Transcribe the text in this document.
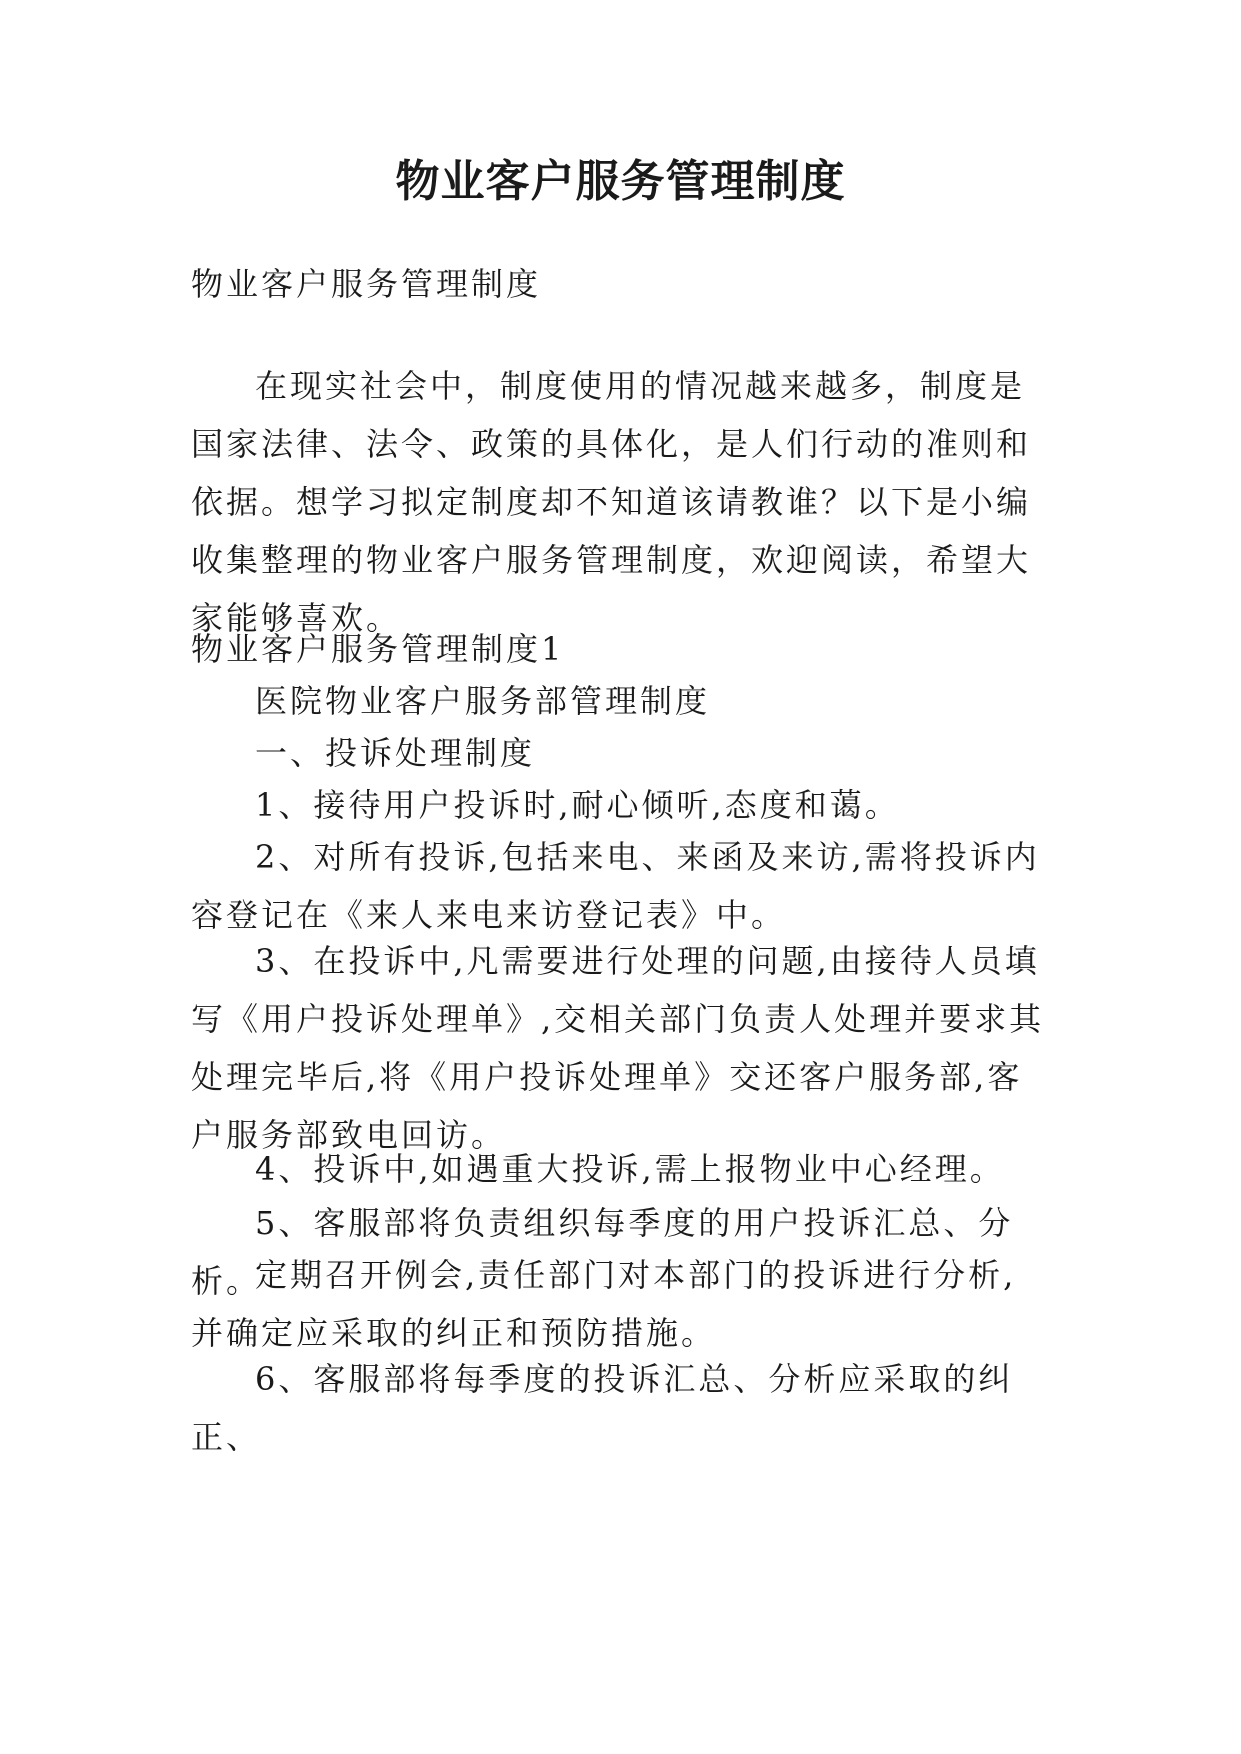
物业客户服务管理制度

物业客户服务管理制度

在现实社会中，制度使用的情况越来越多，制度是国家法律、法令、政策的具体化，是人们行动的准则和依据。想学习拟定制度却不知道该请教谁？以下是小编收集整理的物业客户服务管理制度，欢迎阅读，希望大家能够喜欢。

物业客户服务管理制度1

医院物业客户服务部管理制度

一、投诉处理制度

1、接待用户投诉时,耐心倾听,态度和蔼。

2、对所有投诉,包括来电、来函及来访,需将投诉内容登记在《来人来电来访登记表》中。

3、在投诉中,凡需要进行处理的问题,由接待人员填写《用户投诉处理单》,交相关部门负责人处理并要求其处理完毕后,将《用户投诉处理单》交还客户服务部,客户服务部致电回访。

4、投诉中,如遇重大投诉,需上报物业中心经理。

5、客服部将负责组织每季度的用户投诉汇总、分析。

定期召开例会,责任部门对本部门的投诉进行分析,并确定应采取的纠正和预防措施。

6、客服部将每季度的投诉汇总、分析应采取的纠正、
